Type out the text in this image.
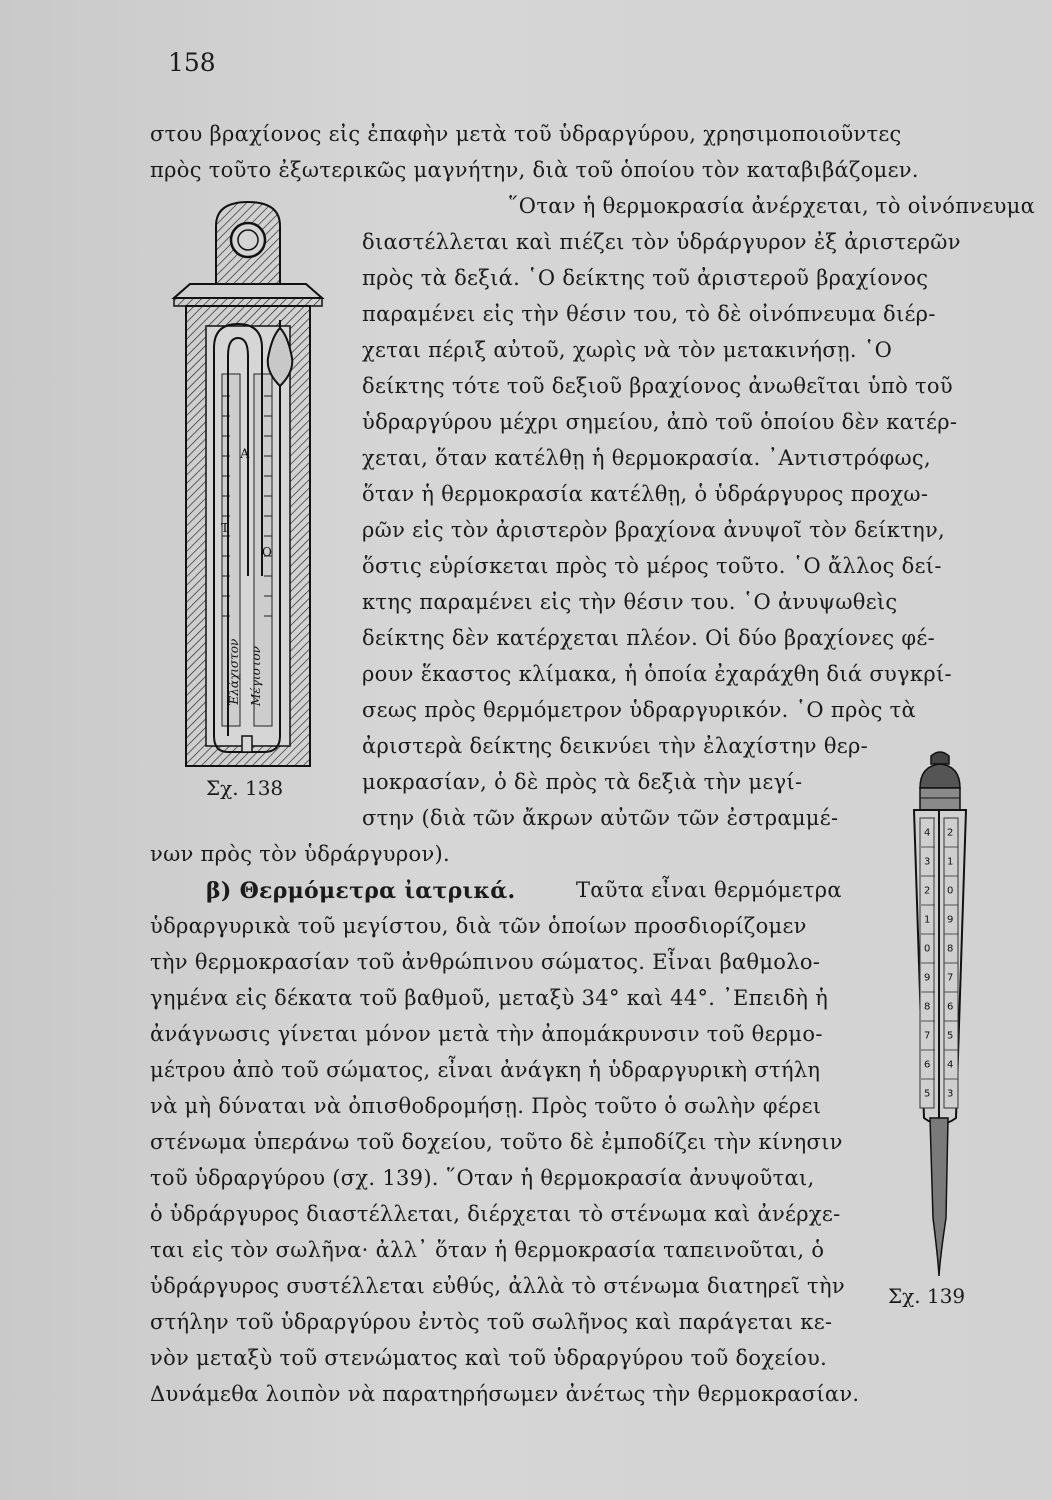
158
στου βραχίονος εἰς ἐπαφὴν μετὰ τοῦ ὑδραργύρου, χρησιμοποιοῦντες
πρὸς τοῦτο ἐξωτερικῶς μαγνήτην, διὰ τοῦ ὁποίου τὸν καταβιβάζομεν.
῞Οταν ἡ θερμοκρασία ἀνέρχεται, τὸ οἰνόπνευμα
διαστέλλεται καὶ πιέζει τὸν ὑδράργυρον ἐξ ἀριστερῶν
πρὸς τὰ δεξιά. ῾Ο δείκτης τοῦ ἀριστεροῦ βραχίονος
παραμένει εἰς τὴν θέσιν του, τὸ δὲ οἰνόπνευμα διέρ-
χεται πέριξ αὐτοῦ, χωρὶς νὰ τὸν μετακινήσῃ. ῾Ο
δείκτης τότε τοῦ δεξιοῦ βραχίονος ἀνωθεῖται ὑπὸ τοῦ
ὑδραργύρου μέχρι σημείου, ἀπὸ τοῦ ὁποίου δὲν κατέρ-
χεται, ὅταν κατέλθῃ ἡ θερμοκρασία. ᾿Αντιστρόφως,
ὅταν ἡ θερμοκρασία κατέλθῃ, ὁ ὑδράργυρος προχω-
ρῶν εἰς τὸν ἀριστερὸν βραχίονα ἀνυψοῖ τὸν δείκτην,
ὅστις εὑρίσκεται πρὸς τὸ μέρος τοῦτο. ῾Ο ἄλλος δεί-
κτης παραμένει εἰς τὴν θέσιν του. ῾Ο ἀνυψωθεὶς
δείκτης δὲν κατέρχεται πλέον. Οἱ δύο βραχίονες φέ-
ρουν ἕκαστος κλίμακα, ἡ ὁποία ἐχαράχθη διά συγκρί-
σεως πρὸς θερμόμετρον ὑδραργυρικόν. ῾Ο πρὸς τὰ
ἀριστερὰ δείκτης δεικνύει τὴν ἐλαχίστην θερ-
μοκρασίαν, ὁ δὲ πρὸς τὰ δεξιὰ τὴν μεγί-
στην (διὰ τῶν ἄκρων αὐτῶν τῶν ἐστραμμέ-
νων πρὸς τὸν ὑδράργυρον).
β) Θερμόμετρα ἰατρικά.	Ταῦτα εἶναι θερμόμετρα
ὑδραργυρικὰ τοῦ μεγίστου, διὰ τῶν ὁποίων προσδιορίζομεν
τὴν θερμοκρασίαν τοῦ ἀνθρώπινου σώματος. Εἶναι βαθμολο-
γημένα εἰς δέκατα τοῦ βαθμοῦ, μεταξὺ 34° καὶ 44°. ᾿Επειδὴ ἡ
ἀνάγνωσις γίνεται μόνον μετὰ τὴν ἀπομάκρυνσιν τοῦ θερμο-
μέτρου ἀπὸ τοῦ σώματος, εἶναι ἀνάγκη ἡ ὑδραργυρικὴ στήλη
νὰ μὴ δύναται νὰ ὀπισθοδρομήσῃ. Πρὸς τοῦτο ὁ σωλὴν φέρει
στένωμα ὑπεράνω τοῦ δοχείου, τοῦτο δὲ ἐμποδίζει τὴν κίνησιν
τοῦ ὑδραργύρου (σχ. 139). ῞Οταν ἡ θερμοκρασία ἀνυψοῦται,
ὁ ὑδράργυρος διαστέλλεται, διέρχεται τὸ στένωμα καὶ ἀνέρχε-
ται εἰς τὸν σωλῆνα· ἀλλ᾿ ὅταν ἡ θερμοκρασία ταπεινοῦται, ὁ
ὑδράργυρος συστέλλεται εὐθύς, ἀλλὰ τὸ στένωμα διατηρεῖ τὴν
στήλην τοῦ ὑδραργύρου ἐντὸς τοῦ σωλῆνος καὶ παράγεται κε-
νὸν μεταξὺ τοῦ στενώματος καὶ τοῦ ὑδραργύρου τοῦ δοχείου.
Δυνάμεθα λοιπὸν νὰ παρατηρήσωμεν ἀνέτως τὴν θερμοκρασίαν.
A
T
O
Ἐλάχιστον Μέγιστον
Σχ. 138
4
3
2
1
0
9
8
7
6
5
2
1
0
9
8
7
6
5
4
3
Σχ. 139
